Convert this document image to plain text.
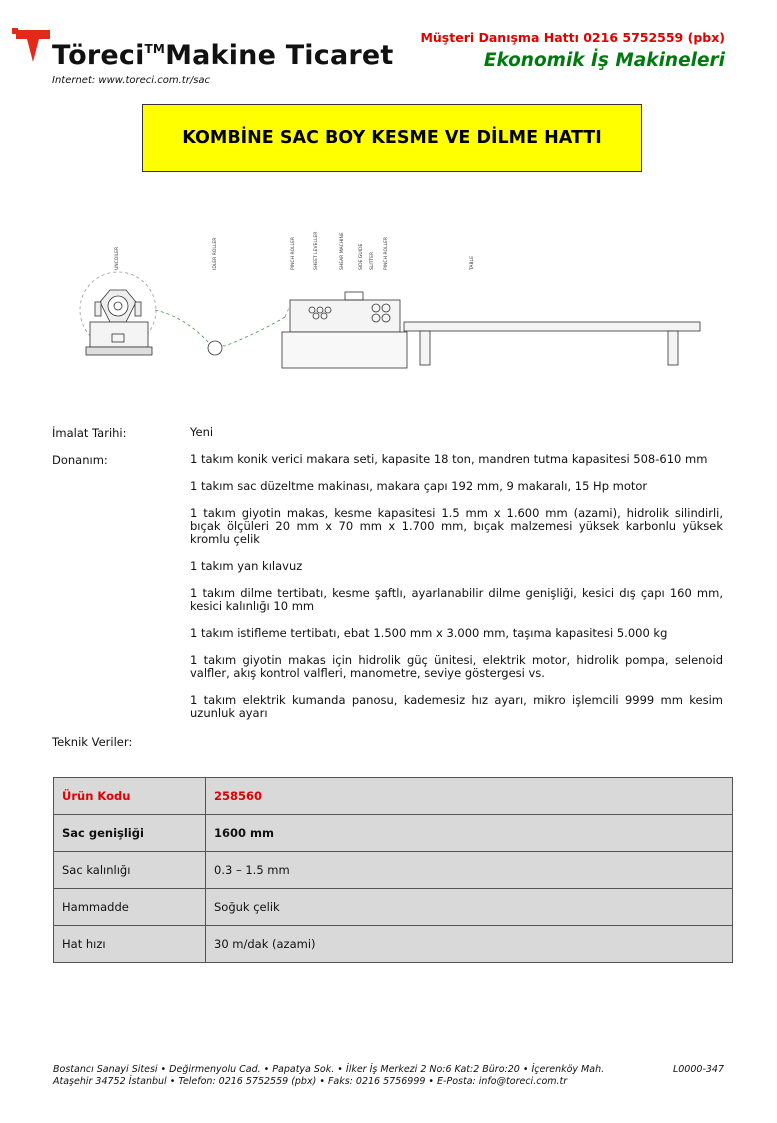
Töreci™Makine Ticaret
Internet: www.toreci.com.tr/sac
Müşteri Danışma Hattı 0216 5752559 (pbx)
Ekonomik İş Makineleri
KOMBİNE SAC BOY KESME VE DİLME HATTI
UNCOILER	IDLER ROLLER	PINCH ROLLER	SHEET LEVELLER	SHEAR MACHINE	SIDE GUIDE SLITTER PINCH ROLLER	TABLE
İmalat Tarihi:	Yeni
Donanım:	1 takım konik verici makara seti, kapasite 18 ton, mandren tutma kapasitesi 508-610 mm
1 takım sac düzeltme makinası, makara çapı 192 mm, 9 makaralı, 15 Hp motor
1 takım giyotin makas, kesme kapasitesi 1.5 mm x 1.600 mm (azami), hidrolik silindirli, bıçak ölçüleri 20 mm x 70 mm x 1.700 mm, bıçak malzemesi yüksek karbonlu yüksek kromlu çelik
1 takım yan kılavuz
1 takım dilme tertibatı, kesme şaftlı, ayarlanabilir dilme genişliği, kesici dış çapı 160 mm, kesici kalınlığı 10 mm
1 takım istifleme tertibatı, ebat 1.500 mm x 3.000 mm, taşıma kapasitesi 5.000 kg
1 takım giyotin makas için hidrolik güç ünitesi, elektrik motor, hidrolik pompa, selenoid valfler, akış kontrol valfleri, manometre, seviye göstergesi vs.
1 takım elektrik kumanda panosu, kademesiz hız ayarı, mikro işlemcili 9999 mm kesim uzunluk ayarı
Teknik Veriler:
Ürün Kodu	258560
Sac genişliği	1600 mm
Sac kalınlığı	0.3 – 1.5 mm
Hammadde	Soğuk çelik
Hat hızı	30 m/dak (azami)
Bostancı Sanayi Sitesi • Değirmenyolu Cad. • Papatya Sok. • İlker İş Merkezi 2 No:6 Kat:2 Büro:20 • İçerenköy Mah.
Ataşehir 34752 İstanbul • Telefon: 0216 5752559 (pbx) • Faks: 0216 5756999 • E-Posta: info@toreci.com.tr
L0000-347
